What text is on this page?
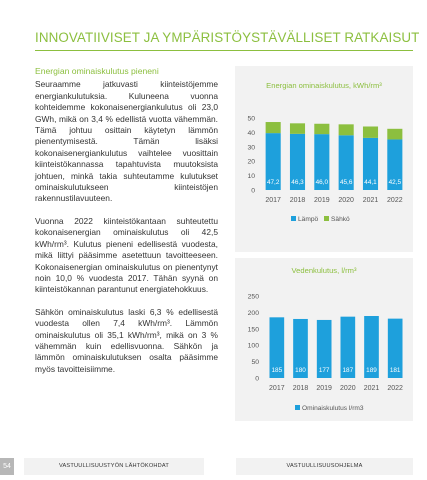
INNOVATIIVISET JA YMPÄRISTÖYSTÄVÄLLISET RATKAISUT
Energian ominaiskulutus pieneni

Seuraamme jatkuvasti kiinteistöjemme energiankulutuksia. Kuluneena vuonna kohteidemme kokonaisenergiankulutus oli 23,0 GWh, mikä on 3,4 % edellistä vuotta vähemmän. Tämä johtuu osittain käytetyn lämmön pienentymisestä. Tämän lisäksi kokonaisenergiankulutus vaihtelee vuosittain kiinteistökannassa tapahtuvista muutoksista johtuen, minkä takia suhteutamme kulutukset ominaiskulutukseen kiinteistöjen rakennustilavuuteen.

Vuonna 2022 kiinteistökantaan suhteutettu kokonaisenergian ominaiskulutus oli 42,5 kWh/rm³. Kulutus pieneni edellisestä vuodesta, mikä liittyi pääsimme asetettuun tavoitteeseen. Kokonaisenergian ominaiskulutus on pienentynyt noin 10,0 % vuodesta 2017. Tähän syynä on kiinteistökannan parantunut energiatehokkuus.

Sähkön ominaiskulutus laski 6,3 % edellisestä vuodesta ollen 7,4 kWh/rm³. Lämmön ominaiskulutus oli 35,1 kWh/rm³, mikä on 3 % vähemmän kuin edellisvuonna. Sähkön ja lämmön ominaiskulutuksen osalta pääsimme myös tavoitteisiimme.

Energian ominaiskulutus, kWh/rm³
0
10
20
30
40
50
47,2
2017
46,3
2018
46,0
2019
45,6
2020
44,1
2021
42,5
2022
Lämpö Sähkö
Vedenkulutus, l/rm³
0
50
100
150
200
250
185
2017
180
2018
177
2019
187
2020
189
2021
181
2022
Ominaiskulutus l/rm3
54	VASTUULLISUUSTYÖN LÄHTÖKOHDAT	VASTUULLISUUSOHJELMA
